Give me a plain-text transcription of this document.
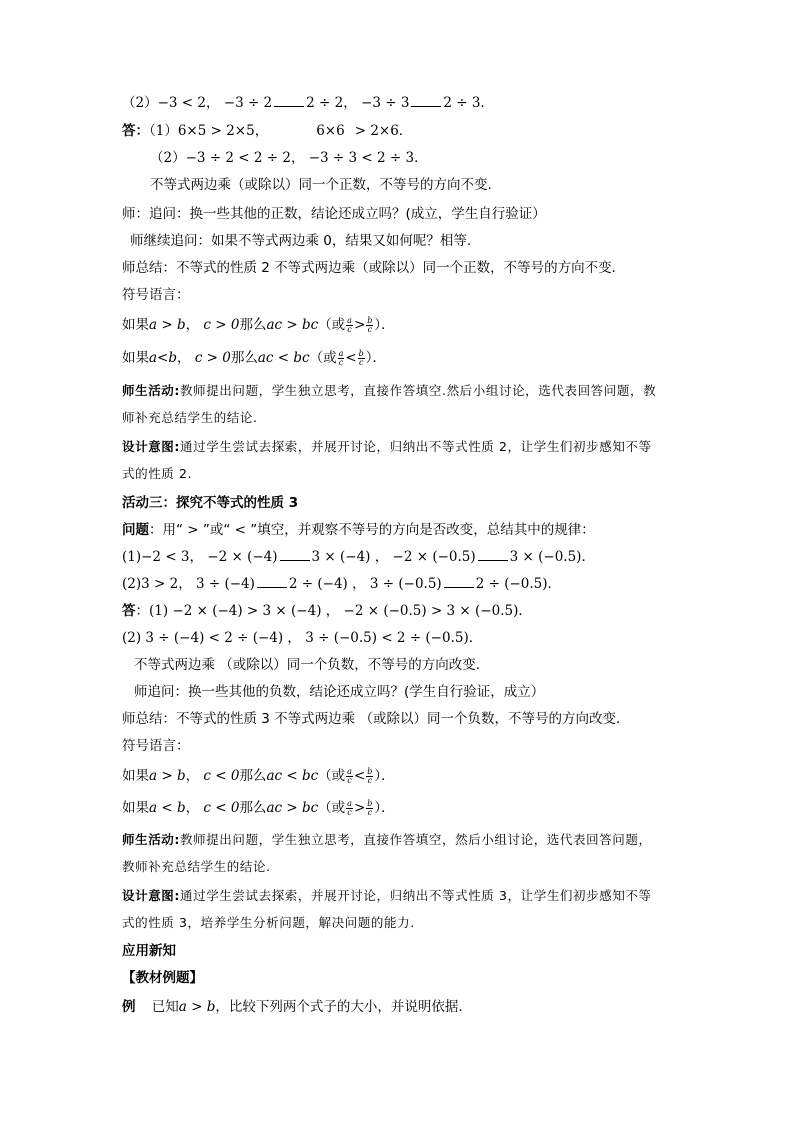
（2）−3 < 2， −3 ÷ 2	2 ÷ 2， −3 ÷ 3	2 ÷ 3．
答：（1）6×5 > 2×5，	6×6 > 2×6．
（2）−3 ÷ 2 < 2 ÷ 2， −3 ÷ 3 < 2 ÷ 3．
不等式两边乘（或除以）同一个正数，不等号的方向不变.
师：追问：换一些其他的正数，结论还成立吗？(成立，学生自行验证）
师继续追问：如果不等式两边乘 0，结果又如何呢？相等.
师总结：不等式的性质 2 不等式两边乘（或除以）同一个正数，不等号的方向不变．
符号语言：
如果a > b， c > 0那么ac > bc（或 $\frac{a}{c} > \frac{b}{c}$ ）．
如果a<b， c > 0那么ac < bc（或 $\frac{a}{c} < \frac{b}{c}$ ）．
师生活动:教师提出问题，学生独立思考，直接作答填空.然后小组讨论，选代表回答问题，教
师补充总结学生的结论.
设计意图:通过学生尝试去探索，并展开讨论，归纳出不等式性质 2，让学生们初步感知不等
式的性质 2.
活动三：探究不等式的性质 3
问题：用“ > ”或“ < ”填空，并观察不等号的方向是否改变，总结其中的规律：
(1)−2 < 3， −2 × (−4)	3 × (−4) ， −2 × (−0.5)	3 × (−0.5)．
(2)3 > 2， 3 ÷ (−4)	2 ÷ (−4) ， 3 ÷ (−0.5)	2 ÷ (−0.5)．
答：(1) −2 × (−4) > 3 × (−4) ， −2 × (−0.5) > 3 × (−0.5)．
(2) 3 ÷ (−4) < 2 ÷ (−4) ， 3 ÷ (−0.5) < 2 ÷ (−0.5)．
不等式两边乘 （或除以）同一个负数，不等号的方向改变．
师追问：换一些其他的负数，结论还成立吗？(学生自行验证，成立）
师总结：不等式的性质 3 不等式两边乘 （或除以）同一个负数，不等号的方向改变．
符号语言：
如果a > b， c < 0那么ac < bc（或 $\frac{a}{c} < \frac{b}{c}$ ）．
如果a < b， c < 0那么ac > bc（或 $\frac{a}{c} > \frac{b}{c}$ ）．
师生活动:教师提出问题，学生独立思考，直接作答填空，然后小组讨论，选代表回答问题，
教师补充总结学生的结论.
设计意图:通过学生尝试去探索，并展开讨论，归纳出不等式性质 3，让学生们初步感知不等
式的性质 3，培养学生分析问题，解决问题的能力.
应用新知
【教材例题】
例 已知a > b，比较下列两个式子的大小，并说明依据．
